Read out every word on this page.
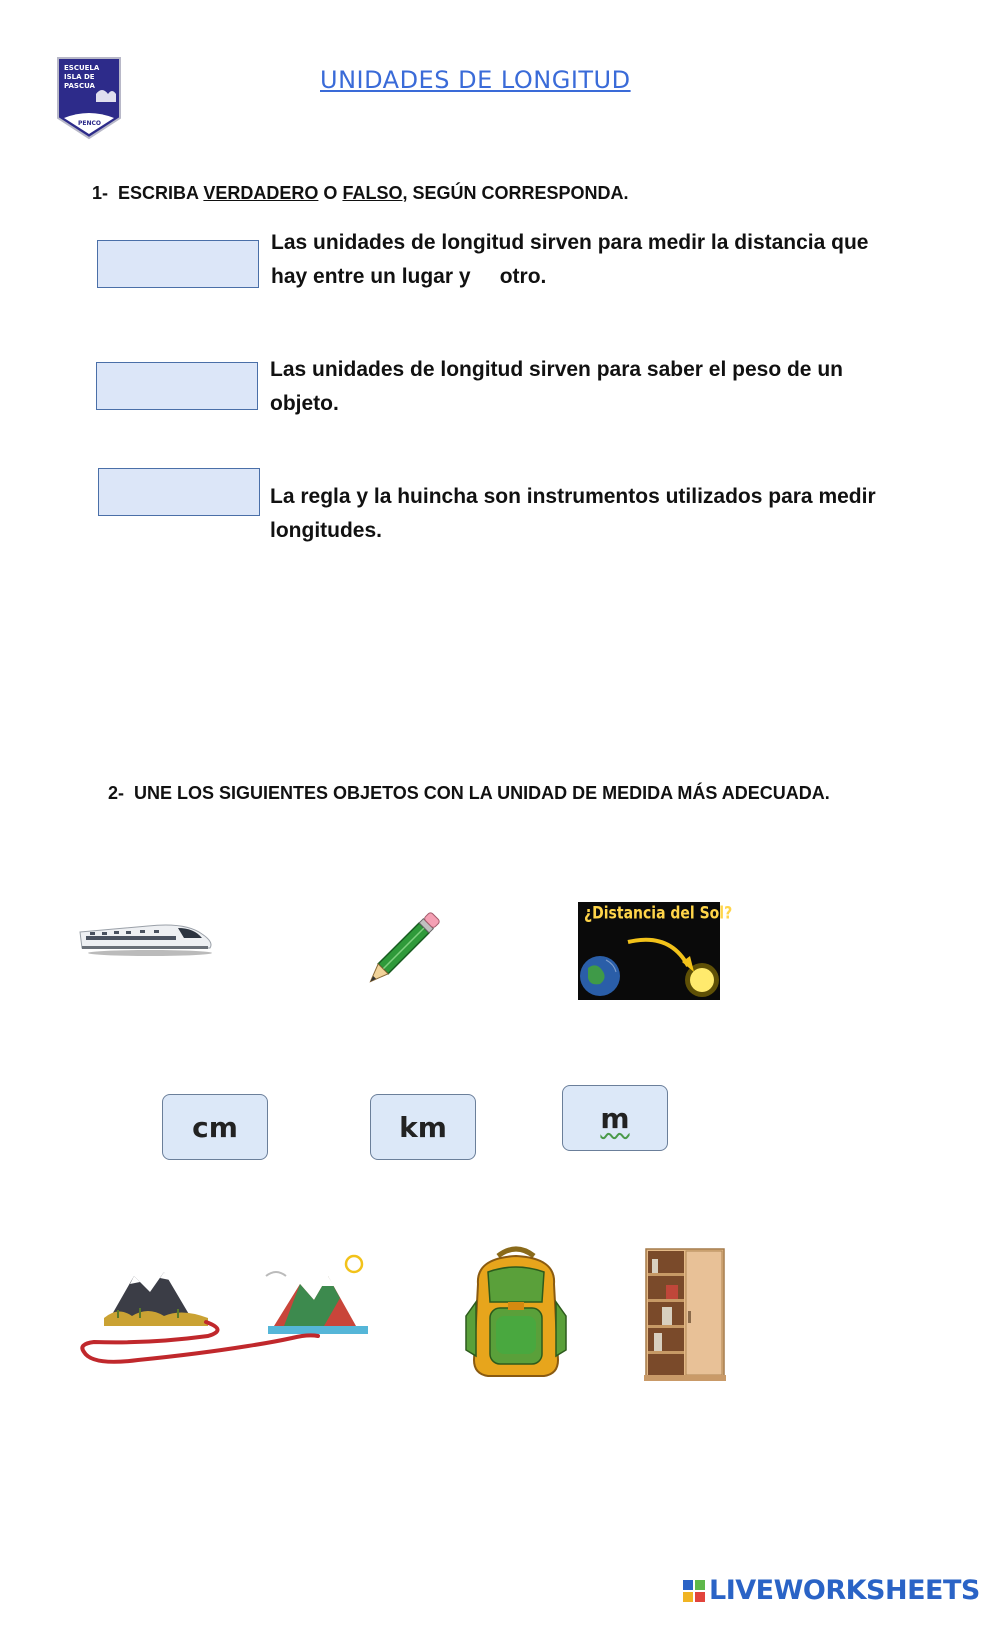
ESCUELA
ISLA DE
PASCUA
PENCO
UNIDADES DE LONGITUD
1- ESCRIBA VERDADERO O FALSO, SEGÚN CORRESPONDA.
Las unidades de longitud sirven para medir la distancia que
hay entre un lugar y     otro.
Las unidades de longitud sirven para saber el peso de un
objeto.
La regla y la huincha son instrumentos utilizados para medir
longitudes.
2- UNE LOS SIGUIENTES OBJETOS CON LA UNIDAD DE MEDIDA MÁS ADECUADA.
¿Distancia del Sol?
cm	km	m
LIVEWORKSHEETS
